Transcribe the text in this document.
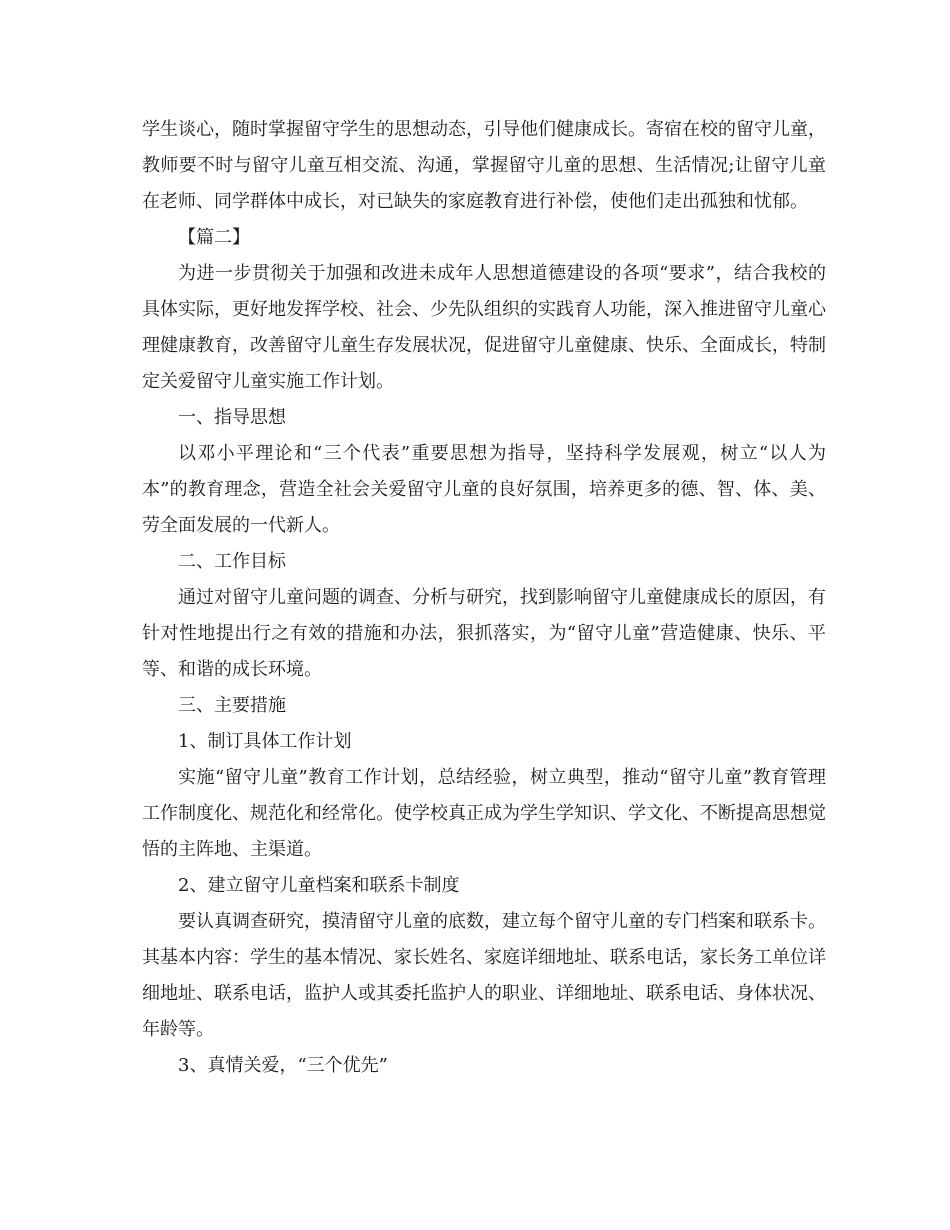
学生谈心，随时掌握留守学生的思想动态，引导他们健康成长。寄宿在校的留守儿童，教师要不时与留守儿童互相交流、沟通，掌握留守儿童的思想、生活情况;让留守儿童在老师、同学群体中成长，对已缺失的家庭教育进行补偿，使他们走出孤独和忧郁。

【篇二】

为进一步贯彻关于加强和改进未成年人思想道德建设的各项“要求”，结合我校的具体实际，更好地发挥学校、社会、少先队组织的实践育人功能，深入推进留守儿童心理健康教育，改善留守儿童生存发展状况，促进留守儿童健康、快乐、全面成长，特制定关爱留守儿童实施工作计划。

一、指导思想

以邓小平理论和“三个代表”重要思想为指导，坚持科学发展观，树立“以人为本”的教育理念，营造全社会关爱留守儿童的良好氛围，培养更多的德、智、体、美、劳全面发展的一代新人。

二、工作目标

通过对留守儿童问题的调查、分析与研究，找到影响留守儿童健康成长的原因，有针对性地提出行之有效的措施和办法，狠抓落实，为“留守儿童”营造健康、快乐、平等、和谐的成长环境。

三、主要措施

1、制订具体工作计划

实施“留守儿童”教育工作计划，总结经验，树立典型，推动“留守儿童”教育管理工作制度化、规范化和经常化。使学校真正成为学生学知识、学文化、不断提高思想觉悟的主阵地、主渠道。

2、建立留守儿童档案和联系卡制度

要认真调查研究，摸清留守儿童的底数，建立每个留守儿童的专门档案和联系卡。其基本内容：学生的基本情况、家长姓名、家庭详细地址、联系电话，家长务工单位详细地址、联系电话，监护人或其委托监护人的职业、详细地址、联系电话、身体状况、年龄等。

3、真情关爱，“三个优先”
